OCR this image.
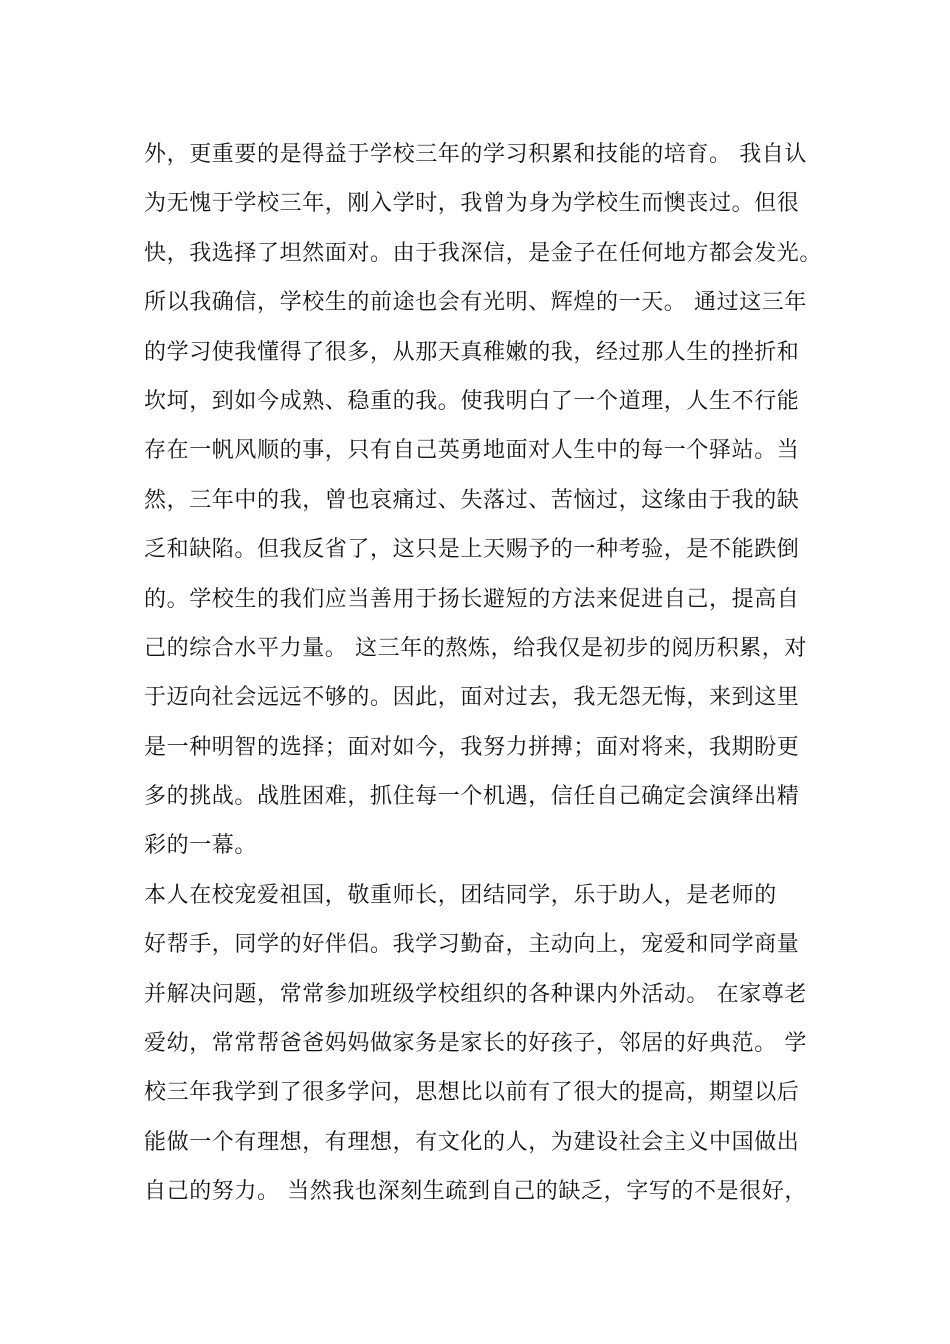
外，更重要的是得益于学校三年的学习积累和技能的培育。 我自认
为无愧于学校三年，刚入学时，我曾为身为学校生而懊丧过。但很
快，我选择了坦然面对。由于我深信，是金子在任何地方都会发光。
所以我确信，学校生的前途也会有光明、辉煌的一天。 通过这三年
的学习使我懂得了很多，从那天真稚嫩的我，经过那人生的挫折和
坎坷，到如今成熟、稳重的我。使我明白了一个道理，人生不行能
存在一帆风顺的事，只有自己英勇地面对人生中的每一个驿站。当
然，三年中的我，曾也哀痛过、失落过、苦恼过，这缘由于我的缺
乏和缺陷。但我反省了，这只是上天赐予的一种考验，是不能跌倒
的。学校生的我们应当善用于扬长避短的方法来促进自己，提高自
己的综合水平力量。 这三年的熬炼，给我仅是初步的阅历积累，对
于迈向社会远远不够的。因此，面对过去，我无怨无悔，来到这里
是一种明智的选择；面对如今，我努力拼搏；面对将来，我期盼更
多的挑战。战胜困难，抓住每一个机遇，信任自己确定会演绎出精
彩的一幕。
本人在校宠爱祖国，敬重师长，团结同学，乐于助人，是老师的
好帮手，同学的好伴侣。我学习勤奋，主动向上，宠爱和同学商量
并解决问题，常常参加班级学校组织的各种课内外活动。 在家尊老
爱幼，常常帮爸爸妈妈做家务是家长的好孩子，邻居的好典范。 学
校三年我学到了很多学问，思想比以前有了很大的提高，期望以后
能做一个有理想，有理想，有文化的人，为建设社会主义中国做出
自己的努力。 当然我也深刻生疏到自己的缺乏，字写的不是很好，
